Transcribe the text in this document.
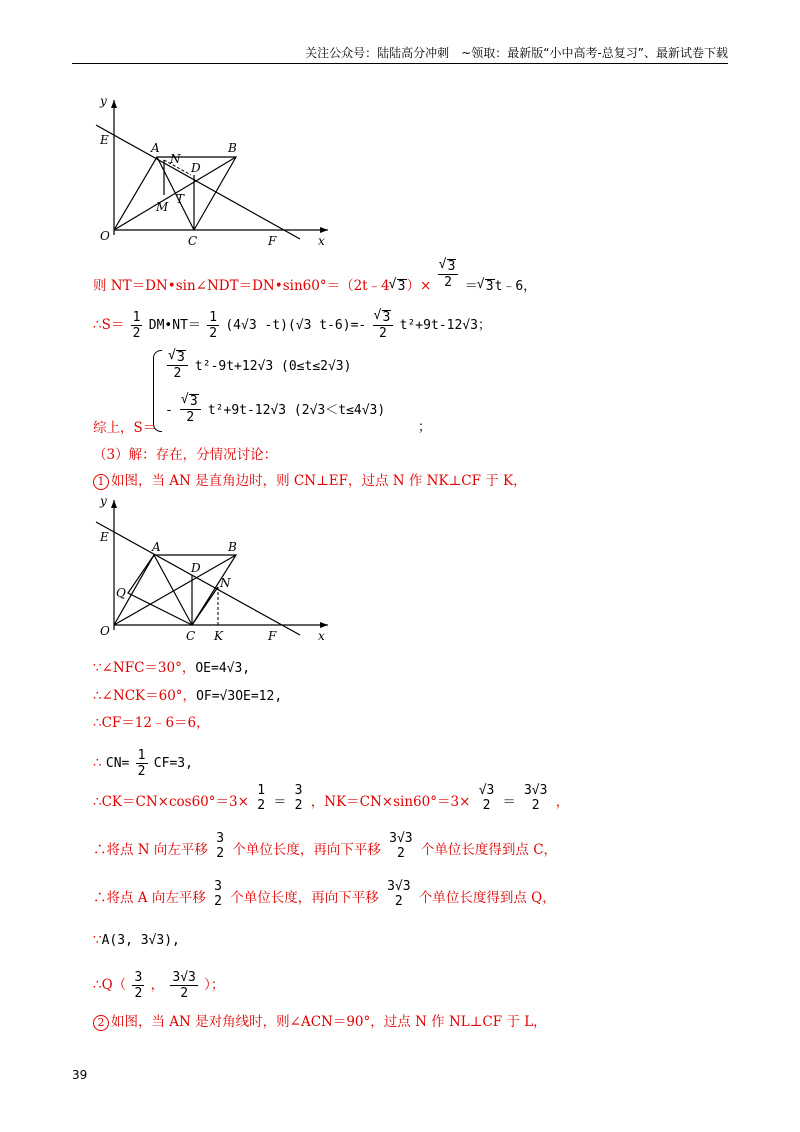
关注公众号：陆陆高分冲刺　~领取：最新版“小中高考-总复习”、最新试卷下载
y
x
E
A	B
N
D
M
T
O	C	F
则 NT＝DN•sin∠NDT＝DN•sin60°＝（2t﹣4 √ 3）× √ $\frac{3}{2}$ ＝ √ 3t﹣6，
∴S＝ $\frac{1}{2}$ DM•NT＝ $\frac{1}{2} (4√3$ -t)(√3 t-6)=- √ $\frac{3}{2} t^2+9t-12√3$；
√ $\frac{3}{2} t^2-9t+12√3$ (0≤t≤2√3)
- √ $\frac{3}{2} t^2+9t-12√3$ (2√3＜t≤4√3)
综上，S＝	；
（3）解：存在，分情况讨论：
1 如图，当 AN 是直角边时，则 CN⊥EF，过点 N 作 NK⊥CF 于 K，
y
x
E
A	B
D
N
Q
O	C K	F
∵∠NFC＝30°，OE=4√3,
∴∠NCK＝60°，OF=√3OE=12,
∴CF＝12﹣6＝6，
∴ $CN= \frac{1}{2} CF=3$,
∴CK＝CN×cos60°＝3×
1
2 ＝
3
2 ，NK＝CN×sin60°＝3×
√3
2 ＝
3√3
2	，
∴将点 N 向左平移
3
2 个单位长度，再向下平移
3√3
2	个单位长度得到点 C，
∴将点 A 向左平移
3
2 个单位长度，再向下平移
3√3
2	个单位长度得到点 Q，
∵A(3, 3√3),
∴Q（ $\frac{3}{2}$ ， $\frac{3√3}{2}$ ）；
2 如图，当 AN 是对角线时，则∠ACN＝90°，过点 N 作 NL⊥CF 于 L，
39
